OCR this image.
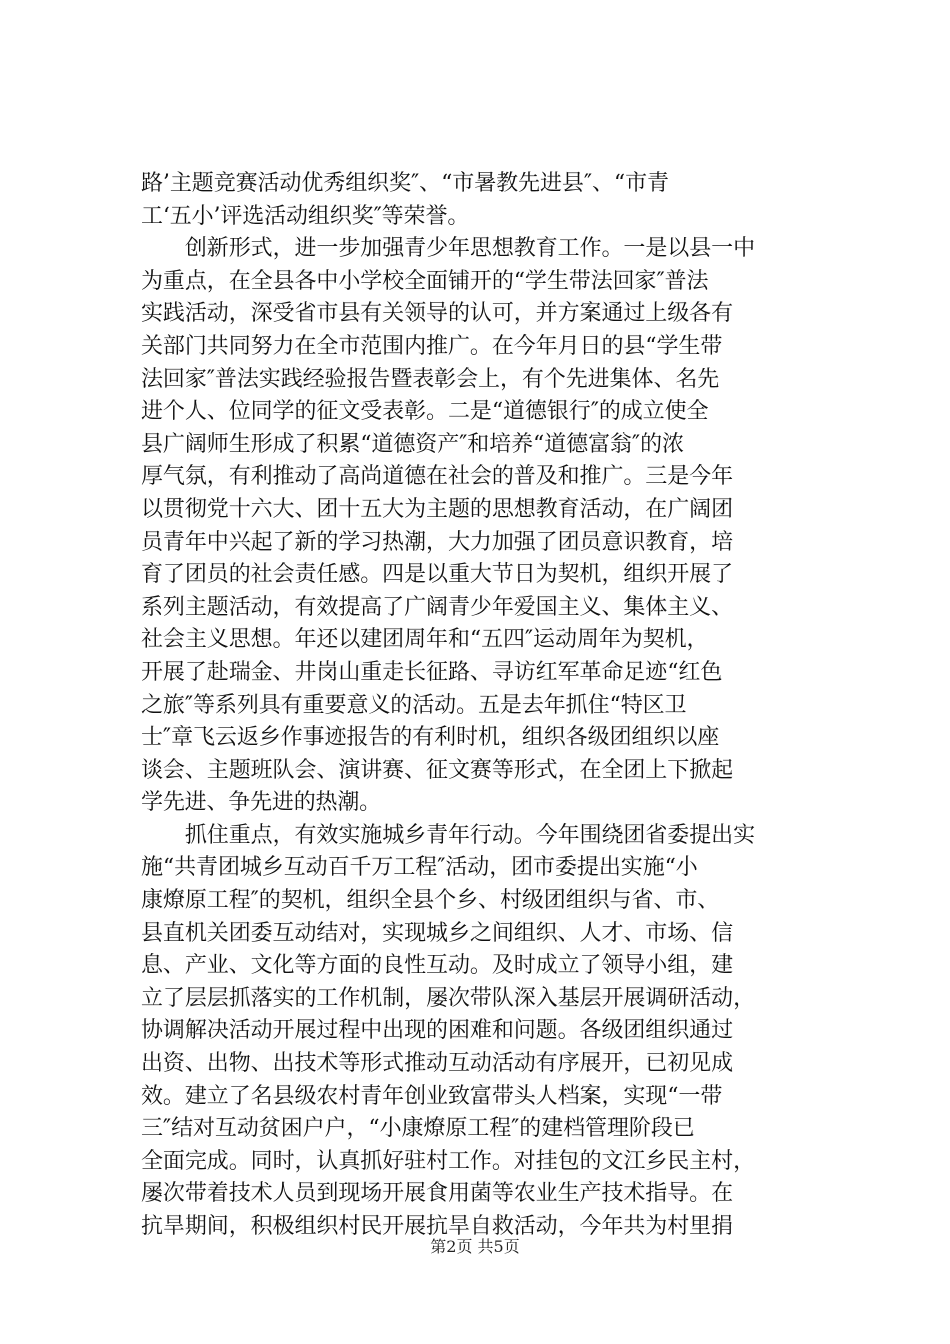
路’主题竞赛活动优秀组织奖″、“市暑教先进县″、“市青
工‘五小’评选活动组织奖″等荣誉。
　　创新形式，进一步加强青少年思想教育工作。一是以县一中
为重点，在全县各中小学校全面铺开的“学生带法回家″普法
实践活动，深受省市县有关领导的认可，并方案通过上级各有
关部门共同努力在全市范围内推广。在今年月日的县“学生带
法回家″普法实践经验报告暨表彰会上，有个先进集体、名先
进个人、位同学的征文受表彰。二是“道德银行″的成立使全
县广阔师生形成了积累“道德资产″和培养“道德富翁″的浓
厚气氛，有利推动了高尚道德在社会的普及和推广。三是今年
以贯彻党十六大、团十五大为主题的思想教育活动，在广阔团
员青年中兴起了新的学习热潮，大力加强了团员意识教育，培
育了团员的社会责任感。四是以重大节日为契机，组织开展了
系列主题活动，有效提高了广阔青少年爱国主义、集体主义、
社会主义思想。年还以建团周年和“五四″运动周年为契机，
开展了赴瑞金、井岗山重走长征路、寻访红军革命足迹“红色
之旅″等系列具有重要意义的活动。五是去年抓住“特区卫
士″章飞云返乡作事迹报告的有利时机，组织各级团组织以座
谈会、主题班队会、演讲赛、征文赛等形式，在全团上下掀起
学先进、争先进的热潮。
　　抓住重点，有效实施城乡青年行动。今年围绕团省委提出实
施“共青团城乡互动百千万工程″活动，团市委提出实施“小
康燎原工程″的契机，组织全县个乡、村级团组织与省、市、
县直机关团委互动结对，实现城乡之间组织、人才、市场、信
息、产业、文化等方面的良性互动。及时成立了领导小组，建
立了层层抓落实的工作机制，屡次带队深入基层开展调研活动，
协调解决活动开展过程中出现的困难和问题。各级团组织通过
出资、出物、出技术等形式推动互动活动有序展开，已初见成
效。建立了名县级农村青年创业致富带头人档案，实现“一带
三″结对互动贫困户户，“小康燎原工程″的建档管理阶段已
全面完成。同时，认真抓好驻村工作。对挂包的文江乡民主村，
屡次带着技术人员到现场开展食用菌等农业生产技术指导。在
抗旱期间，积极组织村民开展抗旱自救活动，今年共为村里捐
第2页 共5页
